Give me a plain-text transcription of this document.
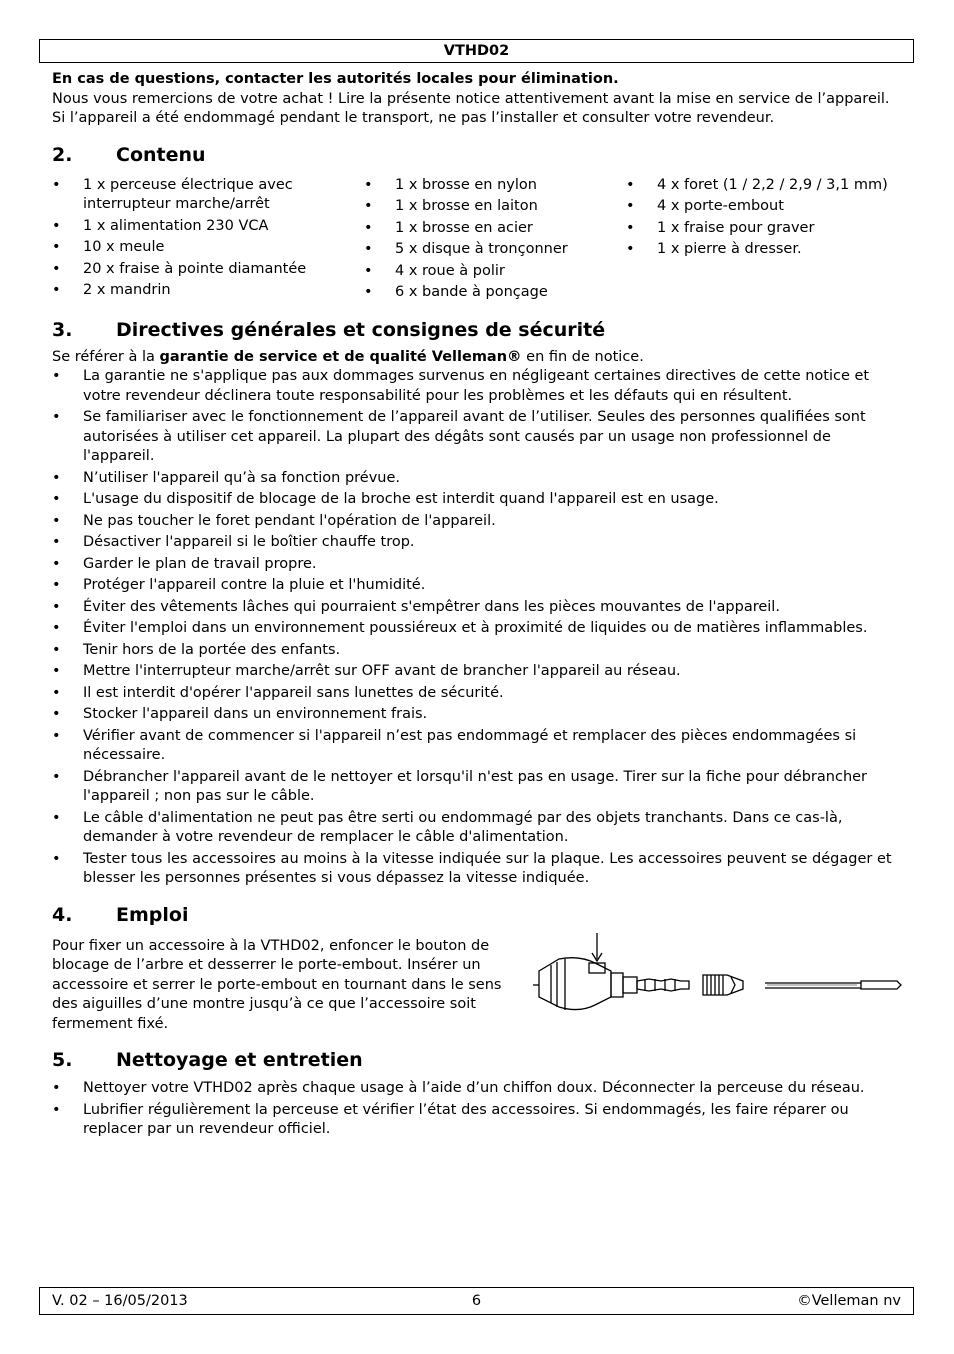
VTHD02

En cas de questions, contacter les autorités locales pour élimination.

Nous vous remercions de votre achat ! Lire la présente notice attentivement avant la mise en service de l’appareil. Si l’appareil a été endommagé pendant le transport, ne pas l’installer et consulter votre revendeur.

2.	Contenu
• 1 x perceuse électrique avec interrupteur marche/arrêt
• 1 x alimentation 230 VCA
• 10 x meule
• 20 x fraise à pointe diamantée
• 2 x mandrin
• 1 x brosse en nylon
• 1 x brosse en laiton
• 1 x brosse en acier
• 5 x disque à tronçonner
• 4 x roue à polir
• 6 x bande à ponçage
• 4 x foret (1 / 2,2 / 2,9 / 3,1 mm)
• 4 x porte-embout
• 1 x fraise pour graver
• 1 x pierre à dresser.
3.	Directives générales et consignes de sécurité

Se référer à la garantie de service et de qualité Velleman® en fin de notice.

• La garantie ne s'applique pas aux dommages survenus en négligeant certaines directives de cette notice et votre revendeur déclinera toute responsabilité pour les problèmes et les défauts qui en résultent.
• Se familiariser avec le fonctionnement de l’appareil avant de l’utiliser. Seules des personnes qualifiées sont autorisées à utiliser cet appareil. La plupart des dégâts sont causés par un usage non professionnel de l'appareil.
• N’utiliser l'appareil qu’à sa fonction prévue.
• L'usage du dispositif de blocage de la broche est interdit quand l'appareil est en usage.
• Ne pas toucher le foret pendant l'opération de l'appareil.
• Désactiver l'appareil si le boîtier chauffe trop.
• Garder le plan de travail propre.
• Protéger l'appareil contre la pluie et l'humidité.
• Éviter des vêtements lâches qui pourraient s'empêtrer dans les pièces mouvantes de l'appareil.
• Éviter l'emploi dans un environnement poussiéreux et à proximité de liquides ou de matières inflammables.
• Tenir hors de la portée des enfants.
• Mettre l'interrupteur marche/arrêt sur OFF avant de brancher l'appareil au réseau.
• Il est interdit d'opérer l'appareil sans lunettes de sécurité.
• Stocker l'appareil dans un environnement frais.
• Vérifier avant de commencer si l'appareil n’est pas endommagé et remplacer des pièces endommagées si nécessaire.
• Débrancher l'appareil avant de le nettoyer et lorsqu'il n'est pas en usage. Tirer sur la fiche pour débrancher l'appareil ; non pas sur le câble.
• Le câble d'alimentation ne peut pas être serti ou endommagé par des objets tranchants. Dans ce cas-là, demander à votre revendeur de remplacer le câble d'alimentation.
• Tester tous les accessoires au moins à la vitesse indiquée sur la plaque. Les accessoires peuvent se dégager et blesser les personnes présentes si vous dépassez la vitesse indiquée.
4.	Emploi

Pour fixer un accessoire à la VTHD02, enfoncer le bouton de blocage de l’arbre et desserrer le porte-embout. Insérer un accessoire et serrer le porte-embout en tournant dans le sens des aiguilles d’une montre jusqu’à ce que l’accessoire soit fermement fixé.

5.	Nettoyage et entretien
• Nettoyer votre VTHD02 après chaque usage à l’aide d’un chiffon doux. Déconnecter la perceuse du réseau.
• Lubrifier régulièrement la perceuse et vérifier l’état des accessoires. Si endommagés, les faire réparer ou replacer par un revendeur officiel.
V. 02 – 16/05/2013	6	©Velleman nv
